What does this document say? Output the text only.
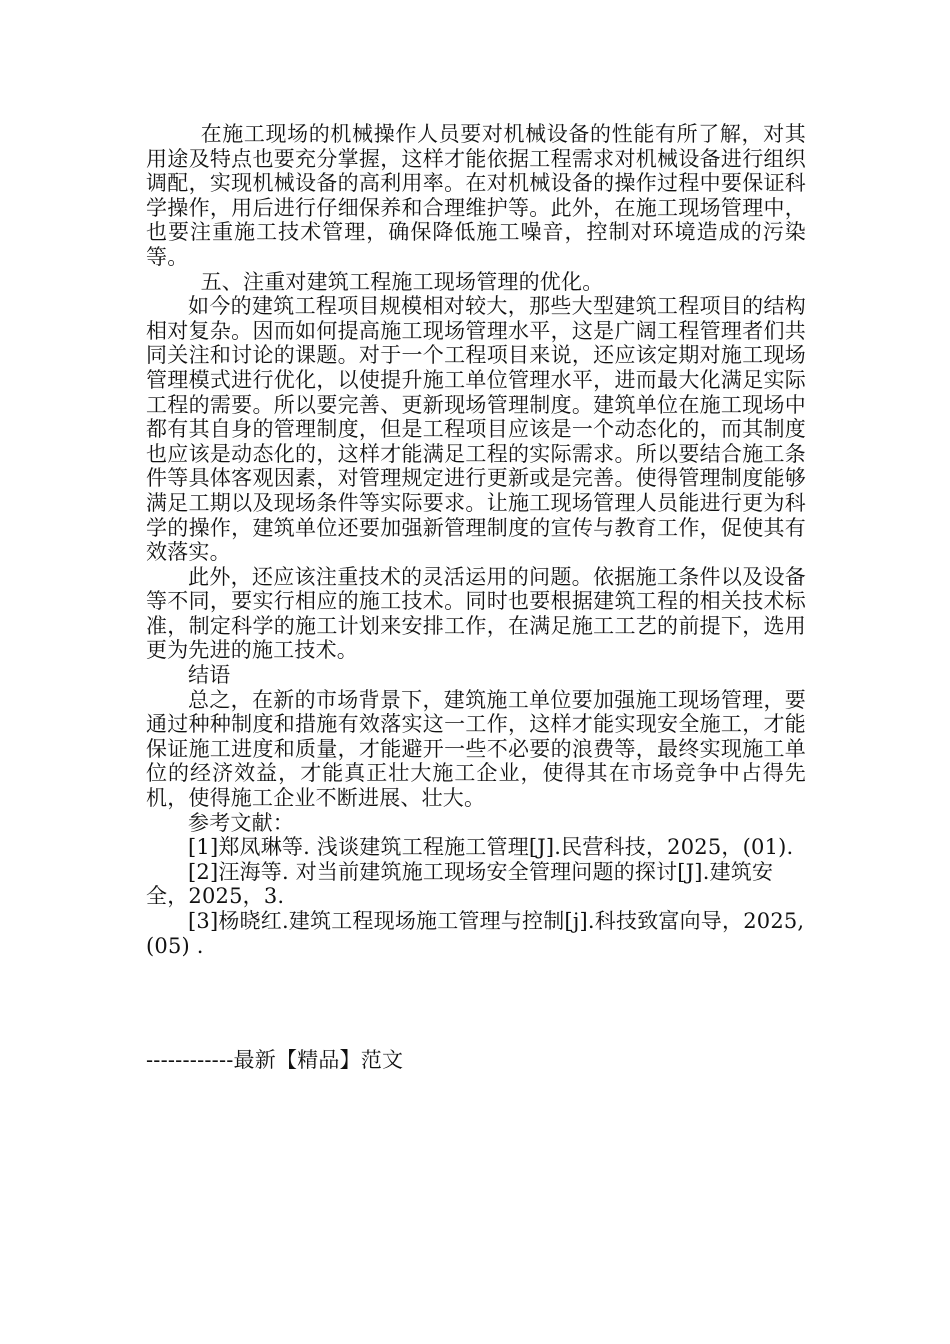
在施工现场的机械操作人员要对机械设备的性能有所了解，对其用途及特点也要充分掌握，这样才能依据工程需求对机械设备进行组织调配，实现机械设备的高利用率。在对机械设备的操作过程中要保证科学操作，用后进行仔细保养和合理维护等。此外，在施工现场管理中，也要注重施工技术管理，确保降低施工噪音，控制对环境造成的污染等。

五、注重对建筑工程施工现场管理的优化。

如今的建筑工程项目规模相对较大，那些大型建筑工程项目的结构相对复杂。因而如何提高施工现场管理水平，这是广阔工程管理者们共同关注和讨论的课题。对于一个工程项目来说，还应该定期对施工现场管理模式进行优化，以使提升施工单位管理水平，进而最大化满足实际工程的需要。所以要完善、更新现场管理制度。建筑单位在施工现场中都有其自身的管理制度，但是工程项目应该是一个动态化的，而其制度也应该是动态化的，这样才能满足工程的实际需求。所以要结合施工条件等具体客观因素，对管理规定进行更新或是完善。使得管理制度能够满足工期以及现场条件等实际要求。让施工现场管理人员能进行更为科学的操作，建筑单位还要加强新管理制度的宣传与教育工作，促使其有效落实。

此外，还应该注重技术的灵活运用的问题。依据施工条件以及设备等不同，要实行相应的施工技术。同时也要根据建筑工程的相关技术标准，制定科学的施工计划来安排工作，在满足施工工艺的前提下，选用更为先进的施工技术。

结语

总之，在新的市场背景下，建筑施工单位要加强施工现场管理，要通过种种制度和措施有效落实这一工作，这样才能实现安全施工，才能保证施工进度和质量，才能避开一些不必要的浪费等，最终实现施工单位的经济效益，才能真正壮大施工企业，使得其在市场竞争中占得先机，使得施工企业不断进展、壮大。

参考文献：

[1]郑凤琳等. 浅谈建筑工程施工管理[J].民营科技，2025，(01).

[2]汪海等. 对当前建筑施工现场安全管理问题的探讨[J].建筑安全，2025，3.

[3]杨晓红.建筑工程现场施工管理与控制[j].科技致富向导，2025,(05) .

------------最新【精品】范文
